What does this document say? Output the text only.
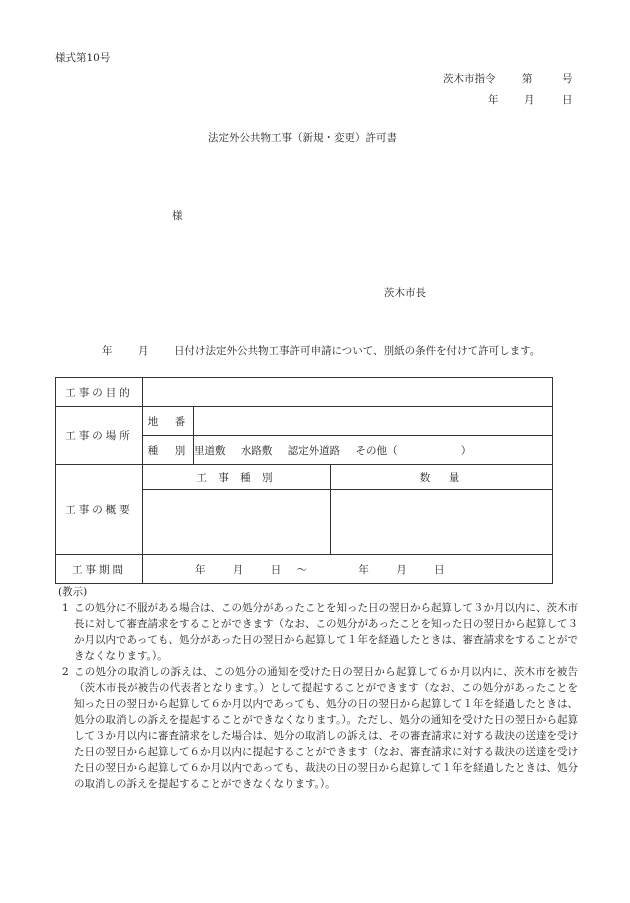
様式第10号
茨木市指令	第	号
年 月	日
法定外公共物工事（新規・変更）許可書
様
茨木市長
年 月 日付け法定外公共物工事許可申請について、別紙の条件を付けて許可します。
工事の目的			
工事の場所	地　番		
	種　別	里道敷 水路敷 認定外道路 その他（ ）	
工事の概要	工 事 種 別		数　量

工事期間	年 月 日 ～ 年 月 日		
(教示)
1 この処分に不服がある場合は、この処分があったことを知った日の翌日から起算して３か月以内に、茨木市長に対して審査請求をすることができます（なお、この処分があったことを知った日の翌日から起算して３か月以内であっても、処分があった日の翌日から起算して１年を経過したときは、審査請求をすることができなくなります。）。
2 この処分の取消しの訴えは、この処分の通知を受けた日の翌日から起算して６か月以内に、茨木市を被告（茨木市長が被告の代表者となります。）として提起することができます（なお、この処分があったことを知った日の翌日から起算して６か月以内であっても、処分の日の翌日から起算して１年を経過したときは、処分の取消しの訴えを提起することができなくなります。）。ただし、処分の通知を受けた日の翌日から起算して３か月以内に審査請求をした場合は、処分の取消しの訴えは、その審査請求に対する裁決の送達を受けた日の翌日から起算して６か月以内に提起することができます（なお、審査請求に対する裁決の送達を受けた日の翌日から起算して６か月以内であっても、裁決の日の翌日から起算して１年を経過したときは、処分の取消しの訴えを提起することができなくなります。）。
